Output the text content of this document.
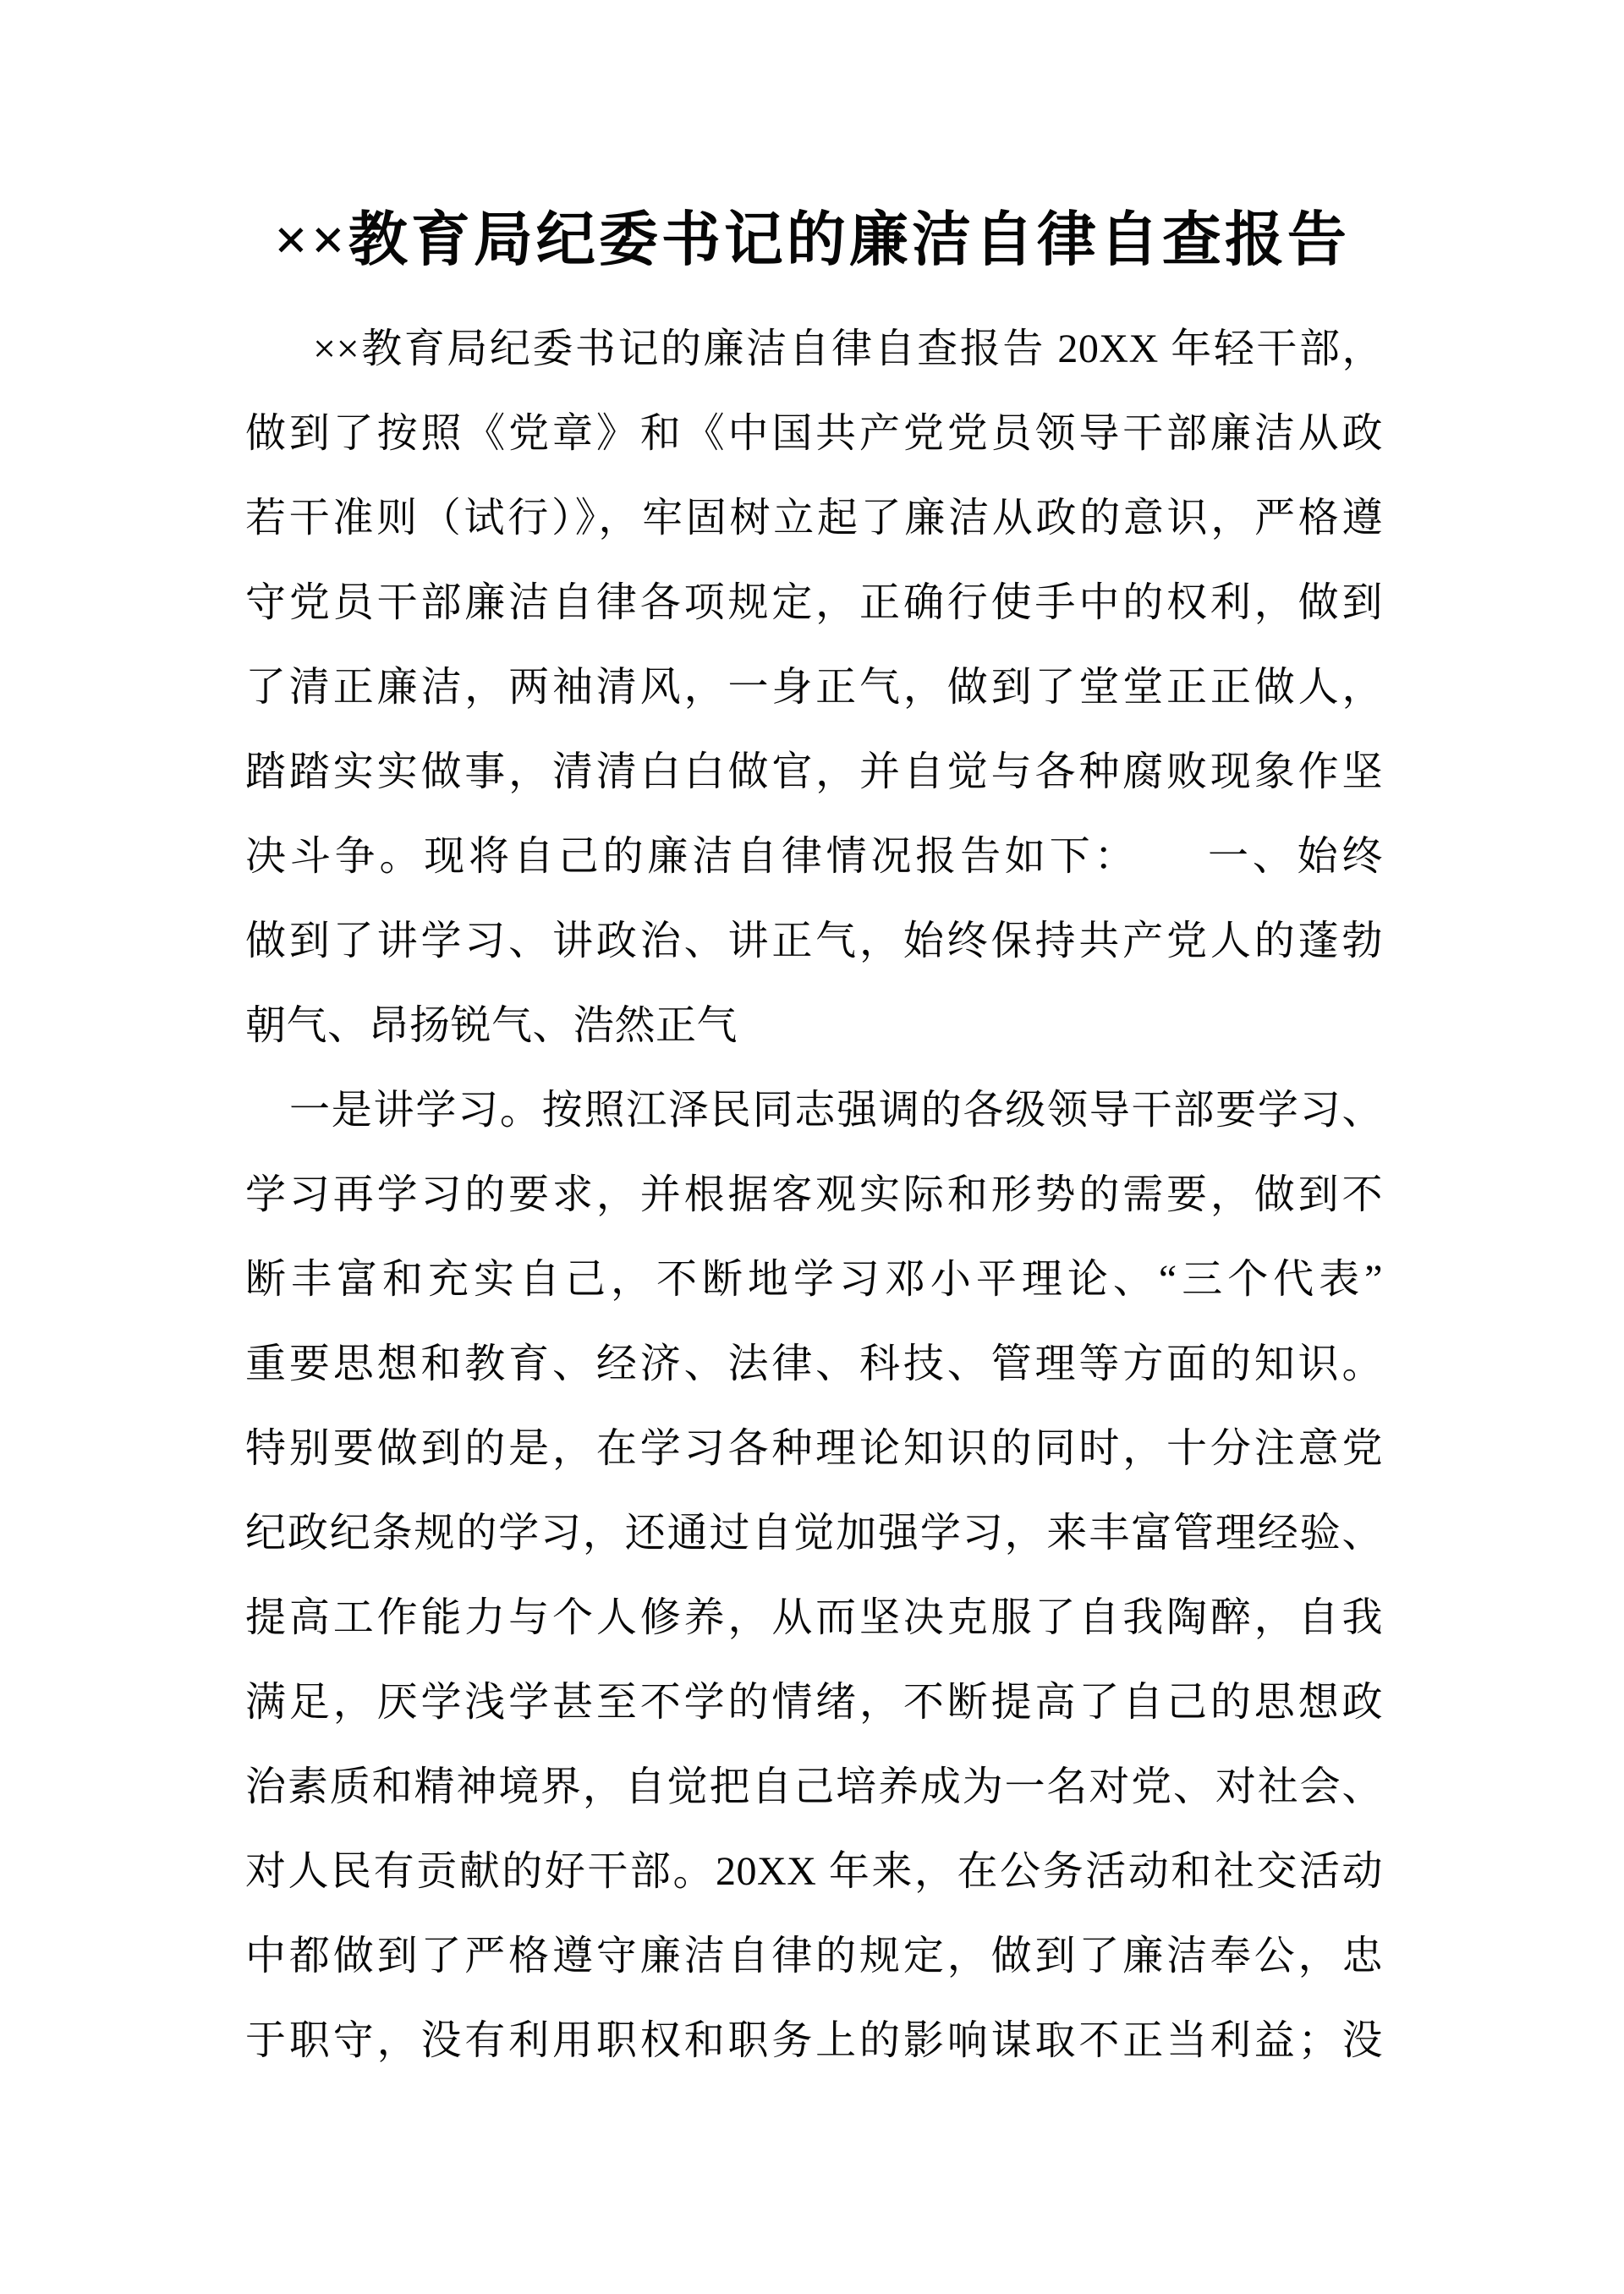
××教育局纪委书记的廉洁自律自查报告
××教育局纪委书记的廉洁自律自查报告 20XX 年轻干部，
做到了按照《党章》和《中国共产党党员领导干部廉洁从政
若干准则（试行）》，牢固树立起了廉洁从政的意识，严格遵
守党员干部廉洁自律各项规定，正确行使手中的权利，做到
了清正廉洁，两袖清风，一身正气，做到了堂堂正正做人，
踏踏实实做事，清清白白做官，并自觉与各种腐败现象作坚
决斗争。现将自己的廉洁自律情况报告如下：　　一、始终
做到了讲学习、讲政治、讲正气，始终保持共产党人的蓬勃
朝气、昂扬锐气、浩然正气
一是讲学习。按照江泽民同志强调的各级领导干部要学习、
学习再学习的要求，并根据客观实际和形势的需要，做到不
断丰富和充实自己，不断地学习邓小平理论、“三个代表”
重要思想和教育、经济、法律、科技、管理等方面的知识。
特别要做到的是，在学习各种理论知识的同时，十分注意党
纪政纪条规的学习，还通过自觉加强学习，来丰富管理经验、
提高工作能力与个人修养，从而坚决克服了自我陶醉，自我
满足，厌学浅学甚至不学的情绪，不断提高了自己的思想政
治素质和精神境界，自觉把自己培养成为一名对党、对社会、
对人民有贡献的好干部。20XX 年来，在公务活动和社交活动
中都做到了严格遵守廉洁自律的规定，做到了廉洁奉公，忠
于职守，没有利用职权和职务上的影响谋取不正当利益；没
